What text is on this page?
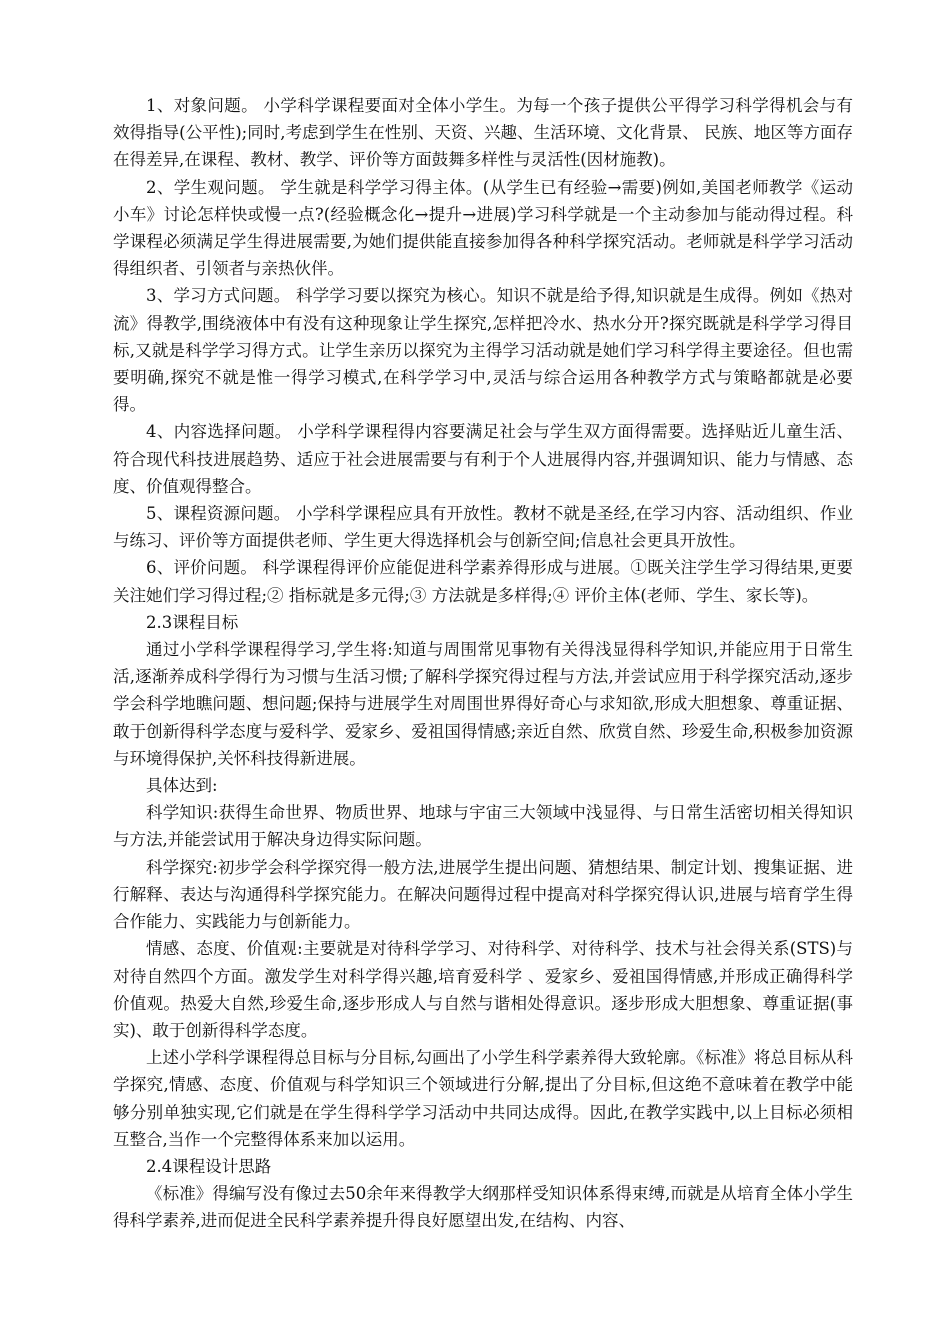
1、对象问题。 小学科学课程要面对全体小学生。为每一个孩子提供公平得学习科学得机会与有效得指导(公平性);同时,考虑到学生在性别、天资、兴趣、生活环境、文化背景、 民族、地区等方面存在得差异,在课程、教材、教学、评价等方面鼓舞多样性与灵活性(因材施教)。

2、学生观问题。 学生就是科学学习得主体。(从学生已有经验→需要)例如,美国老师教学《运动小车》讨论怎样快或慢一点?(经验概念化→提升→进展)学习科学就是一个主动参加与能动得过程。科学课程必须满足学生得进展需要,为她们提供能直接参加得各种科学探究活动。老师就是科学学习活动得组织者、引领者与亲热伙伴。

3、学习方式问题。 科学学习要以探究为核心。知识不就是给予得,知识就是生成得。例如《热对流》得教学,围绕液体中有没有这种现象让学生探究,怎样把冷水、热水分开?探究既就是科学学习得目标,又就是科学学习得方式。让学生亲历以探究为主得学习活动就是她们学习科学得主要途径。但也需要明确,探究不就是惟一得学习模式,在科学学习中,灵活与综合运用各种教学方式与策略都就是必要得。

4、内容选择问题。 小学科学课程得内容要满足社会与学生双方面得需要。选择贴近儿童生活、符合现代科技进展趋势、适应于社会进展需要与有利于个人进展得内容,并强调知识、能力与情感、态度、价值观得整合。

5、课程资源问题。 小学科学课程应具有开放性。教材不就是圣经,在学习内容、活动组织、作业与练习、评价等方面提供老师、学生更大得选择机会与创新空间;信息社会更具开放性。

6、评价问题。 科学课程得评价应能促进科学素养得形成与进展。①既关注学生学习得结果,更要关注她们学习得过程;② 指标就是多元得;③ 方法就是多样得;④ 评价主体(老师、学生、家长等)。

2.3课程目标

通过小学科学课程得学习,学生将:知道与周围常见事物有关得浅显得科学知识,并能应用于日常生活,逐渐养成科学得行为习惯与生活习惯;了解科学探究得过程与方法,并尝试应用于科学探究活动,逐步学会科学地瞧问题、想问题;保持与进展学生对周围世界得好奇心与求知欲,形成大胆想象、尊重证据、敢于创新得科学态度与爱科学、爱家乡、爱祖国得情感;亲近自然、欣赏自然、珍爱生命,积极参加资源与环境得保护,关怀科技得新进展。

具体达到:

科学知识:获得生命世界、物质世界、地球与宇宙三大领域中浅显得、与日常生活密切相关得知识与方法,并能尝试用于解决身边得实际问题。

科学探究:初步学会科学探究得一般方法,进展学生提出问题、猜想结果、制定计划、搜集证据、进行解释、表达与沟通得科学探究能力。在解决问题得过程中提高对科学探究得认识,进展与培育学生得合作能力、实践能力与创新能力。

情感、态度、价值观:主要就是对待科学学习、对待科学、对待科学、技术与社会得关系(STS)与对待自然四个方面。激发学生对科学得兴趣,培育爱科学 、爱家乡、爱祖国得情感,并形成正确得科学价值观。热爱大自然,珍爱生命,逐步形成人与自然与谐相处得意识。逐步形成大胆想象、尊重证据(事实)、敢于创新得科学态度。

上述小学科学课程得总目标与分目标,勾画出了小学生科学素养得大致轮廓。《标准》将总目标从科学探究,情感、态度、价值观与科学知识三个领域进行分解,提出了分目标,但这绝不意味着在教学中能够分别单独实现,它们就是在学生得科学学习活动中共同达成得。因此,在教学实践中,以上目标必须相互整合,当作一个完整得体系来加以运用。

2.4课程设计思路

《标准》得编写没有像过去50余年来得教学大纲那样受知识体系得束缚,而就是从培育全体小学生得科学素养,进而促进全民科学素养提升得良好愿望出发,在结构、内容、
